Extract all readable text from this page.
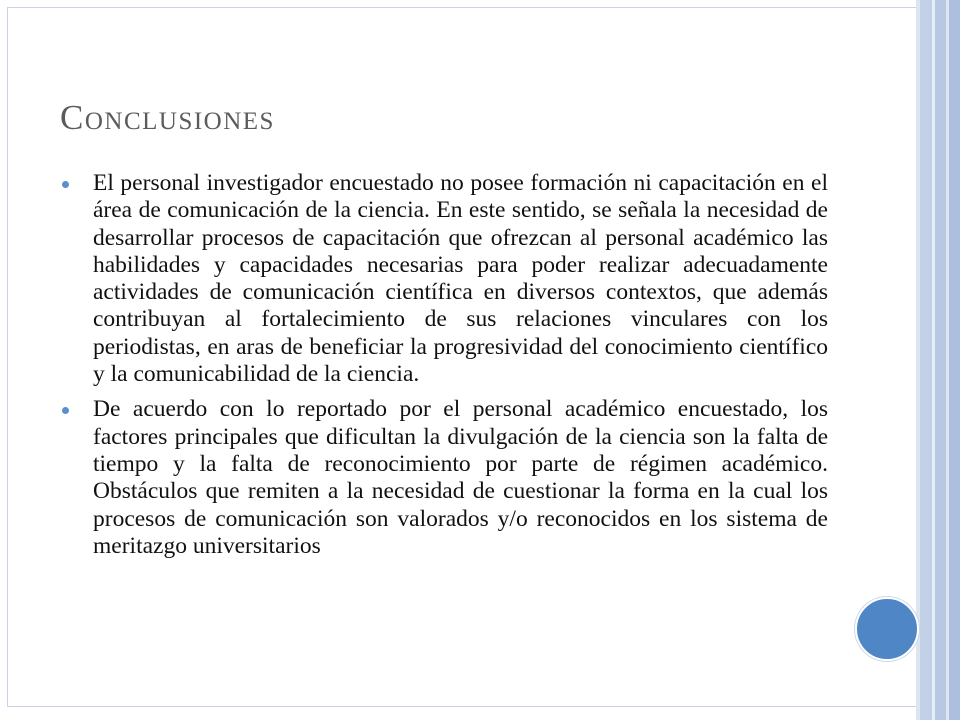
Conclusiones
El personal investigador encuestado no posee formación ni capacitación en el área de comunicación de la ciencia. En este sentido, se señala la necesidad de desarrollar procesos de capacitación que ofrezcan al personal académico las habilidades y capacidades necesarias para poder realizar adecuadamente actividades de comunicación científica en diversos contextos, que además contribuyan al fortalecimiento de sus relaciones vinculares con los periodistas, en aras de beneficiar la progresividad del conocimiento científico y la comunicabilidad de la ciencia.
De acuerdo con lo reportado por el personal académico encuestado, los factores principales que dificultan la divulgación de la ciencia son la falta de tiempo y la falta de reconocimiento por parte de régimen académico. Obstáculos que remiten a la necesidad de cuestionar la forma en la cual los procesos de comunicación son valorados y/o reconocidos en los sistema de meritazgo universitarios
